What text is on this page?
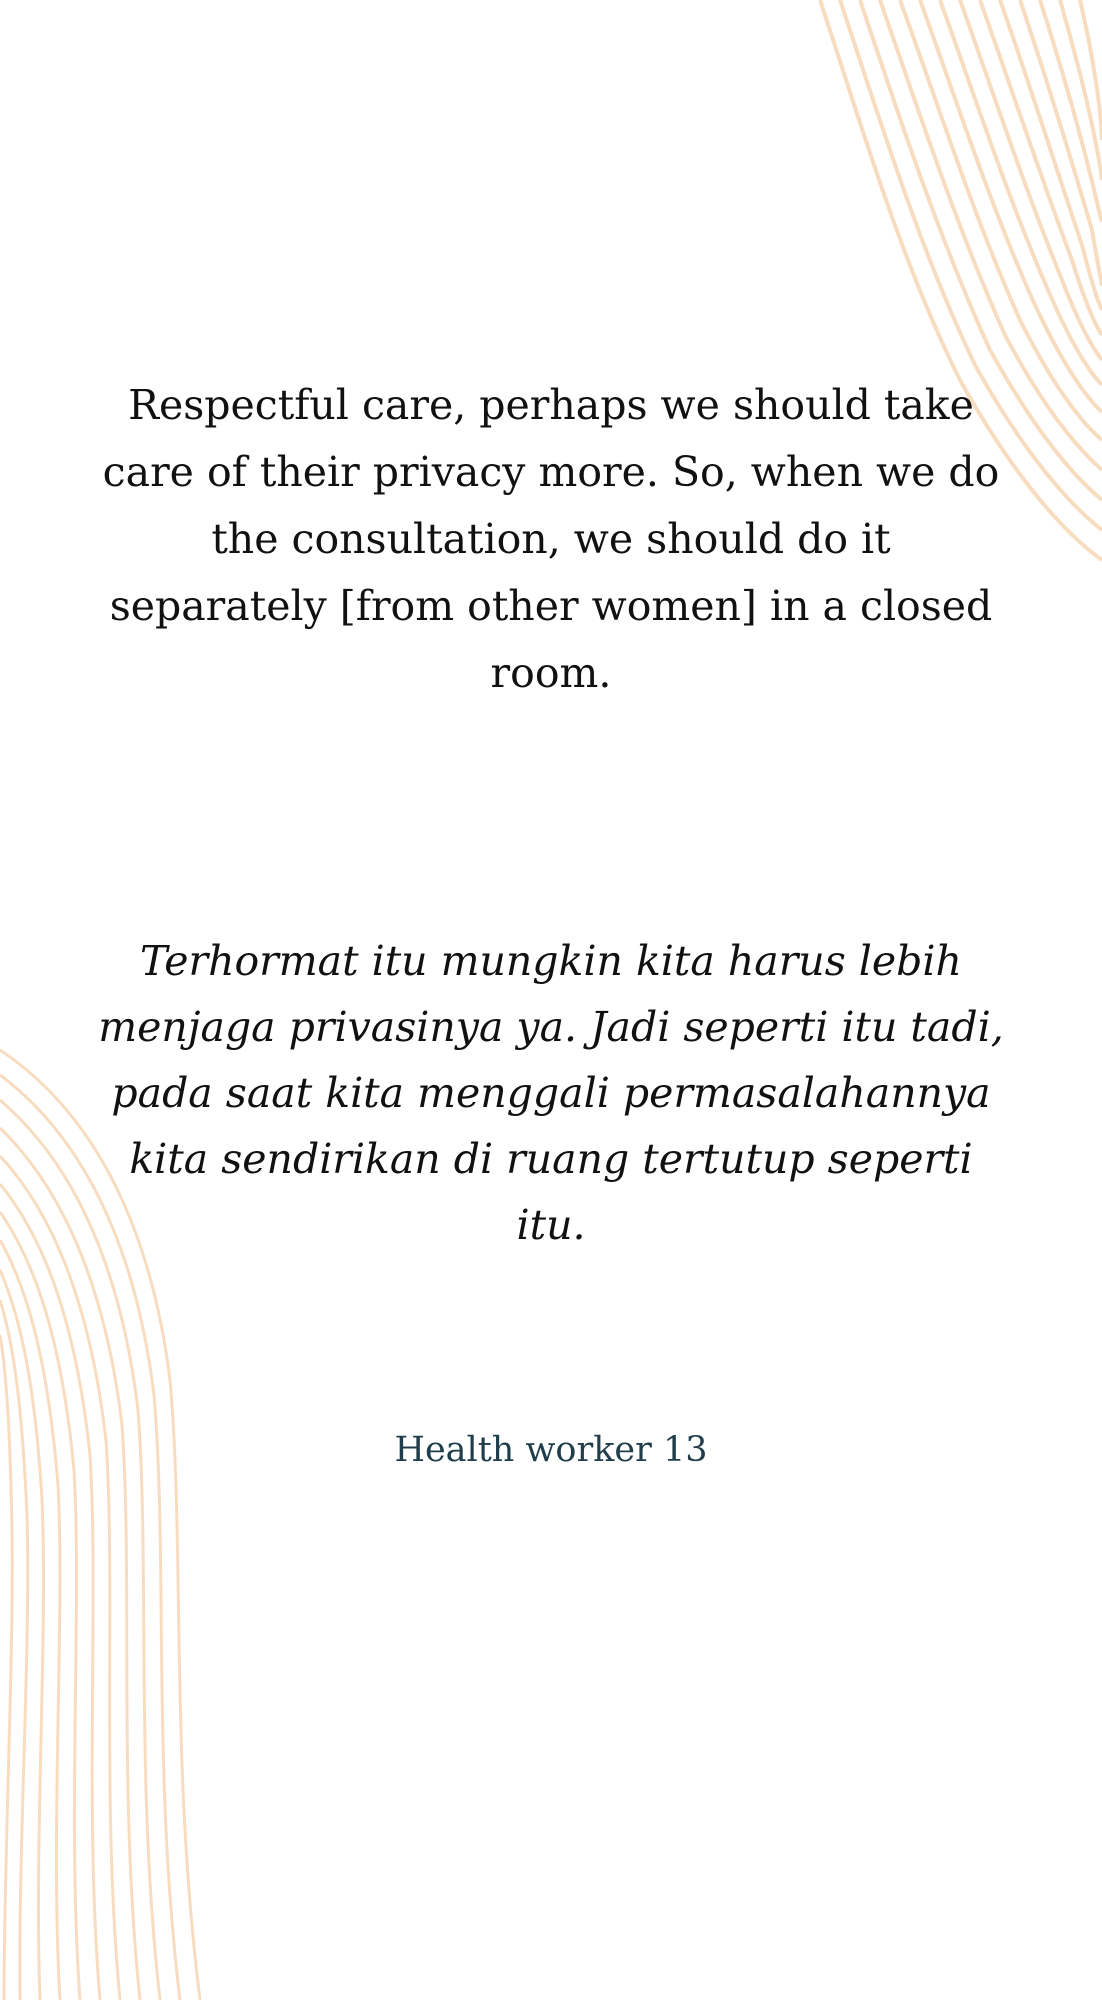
Respectful care, perhaps we should take care of their privacy more. So, when we do the consultation, we should do it separately [from other women] in a closed room.

Terhormat itu mungkin kita harus lebih menjaga privasinya ya. Jadi seperti itu tadi, pada saat kita menggali permasalahannya kita sendirikan di ruang tertutup seperti itu.

Health worker 13
